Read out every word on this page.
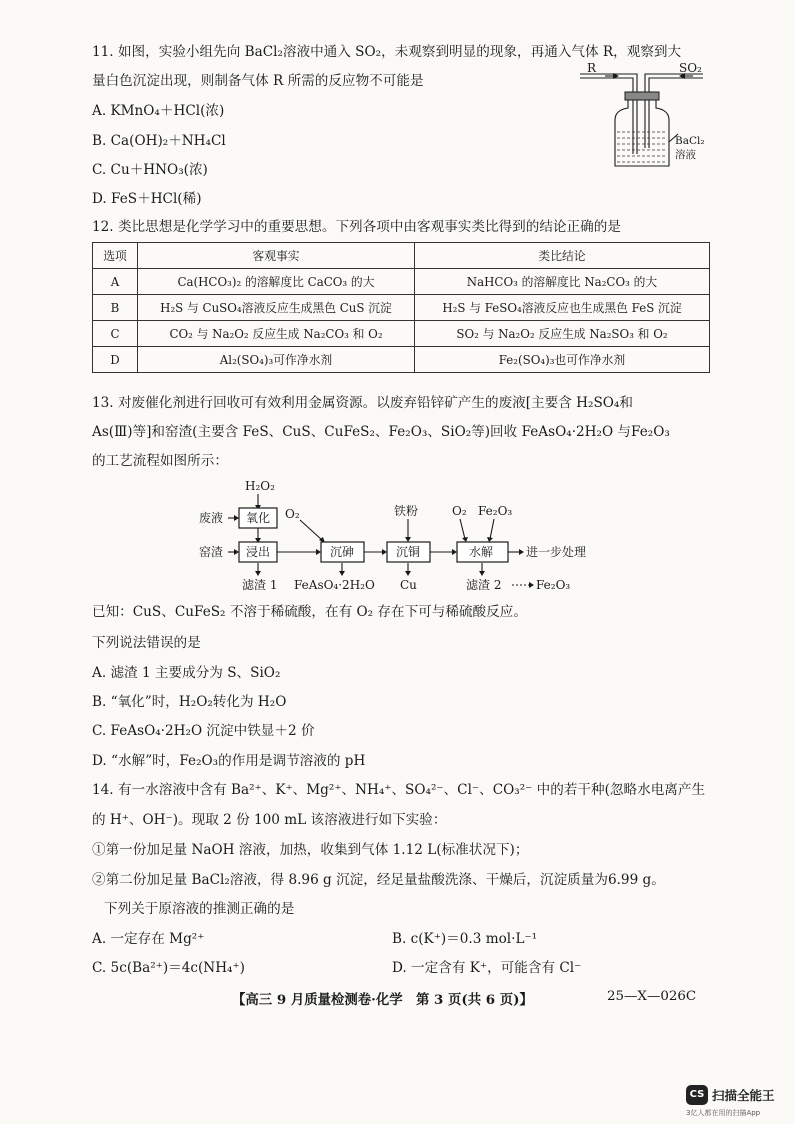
11. 如图，实验小组先向 BaCl₂溶液中通入 SO₂，未观察到明显的现象，再通入气体 R，观察到大
量白色沉淀出现，则制备气体 R 所需的反应物不可能是
A. KMnO₄＋HCl(浓)
B. Ca(OH)₂＋NH₄Cl
C. Cu＋HNO₃(浓)
D. FeS＋HCl(稀)
R	SO₂
BaCl₂
溶液
12. 类比思想是化学学习中的重要思想。下列各项中由客观事实类比得到的结论正确的是
选项	客观事实	类比结论
A	Ca(HCO₃)₂ 的溶解度比 CaCO₃ 的大	NaHCO₃ 的溶解度比 Na₂CO₃ 的大
B	H₂S 与 CuSO₄溶液反应生成黑色 CuS 沉淀	H₂S 与 FeSO₄溶液反应也生成黑色 FeS 沉淀
C	CO₂ 与 Na₂O₂ 反应生成 Na₂CO₃ 和 O₂	SO₂ 与 Na₂O₂ 反应生成 Na₂SO₃ 和 O₂
D	Al₂(SO₄)₃可作净水剂	Fe₂(SO₄)₃也可作净水剂
13. 对废催化剂进行回收可有效利用金属资源。以废弃铅锌矿产生的废液[主要含 H₂SO₄和
As(Ⅲ)等]和窑渣(主要含 FeS、CuS、CuFeS₂、Fe₂O₃、SiO₂等)回收 FeAsO₄·2H₂O 与Fe₂O₃
的工艺流程如图所示：
H₂O₂
废液 氧化 O₂
窑渣 浸出	沉砷
铁粉
沉铜
O₂ Fe₂O₃
水解	进一步处理
滤渣 1 FeAsO₄·2H₂O Cu	滤渣 2	Fe₂O₃
已知：CuS、CuFeS₂ 不溶于稀硫酸，在有 O₂ 存在下可与稀硫酸反应。
下列说法错误的是
A. 滤渣 1 主要成分为 S、SiO₂
B. “氧化”时，H₂O₂转化为 H₂O
C. FeAsO₄·2H₂O 沉淀中铁显＋2 价
D. “水解”时，Fe₂O₃的作用是调节溶液的 pH
14. 有一水溶液中含有 Ba²⁺、K⁺、Mg²⁺、NH₄⁺、SO₄²⁻、Cl⁻、CO₃²⁻ 中的若干种(忽略水电离产生
的 H⁺、OH⁻)。现取 2 份 100 mL 该溶液进行如下实验：
①第一份加足量 NaOH 溶液，加热，收集到气体 1.12 L(标准状况下)；
②第二份加足量 BaCl₂溶液，得 8.96 g 沉淀，经足量盐酸洗涤、干燥后，沉淀质量为6.99 g。
下列关于原溶液的推测正确的是
A. 一定存在 Mg²⁺	B. c(K⁺)＝0.3 mol·L⁻¹
C. 5c(Ba²⁺)＝4c(NH₄⁺)	D. 一定含有 K⁺，可能含有 Cl⁻
【高三 9 月质量检测卷·化学　第 3 页(共 6 页)】	25—X—026C
CS 扫描全能王
3亿人都在用的扫描App
